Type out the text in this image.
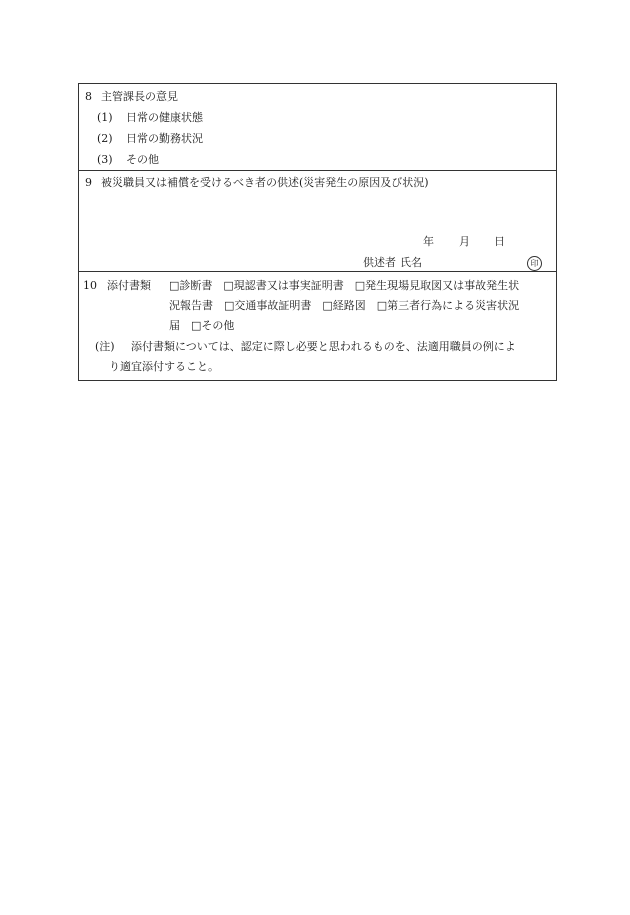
8 主管課長の意見
(1) 日常の健康状態
(2) 日常の勤務状況
(3) その他
9 被災職員又は補償を受けるべき者の供述(災害発生の原因及び状況)
年 月 日
供述者 氏名	印
10 添付書類 □診断書　□現認書又は事実証明書　□発生現場見取図又は事故発生状
況報告書　□交通事故証明書　□経路図　□第三者行為による災害状況
届　□その他
(注) 添付書類については、認定に際し必要と思われるものを、法適用職員の例によ
り適宜添付すること。
